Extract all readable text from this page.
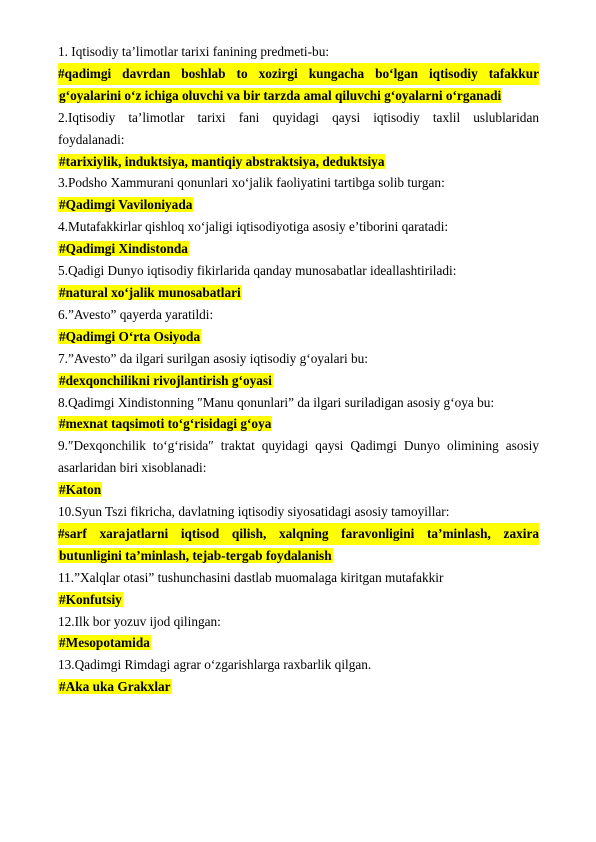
1. Iqtisodiy ta’limotlar tarixi fanining predmeti-bu:
#qadimgi davrdan boshlab to xozirgi kungacha bo‘lgan iqtisodiy tafakkur
g‘oyalarini o‘z ichiga oluvchi va bir tarzda amal qiluvchi g‘oyalarni o‘rganadi
2.Iqtisodiy ta’limotlar tarixi fani quyidagi qaysi iqtisodiy taxlil uslublaridan
foydalanadi:
#tarixiylik, induktsiya, mantiqiy abstraktsiya, deduktsiya
3.Podsho Xammurani qonunlari xo‘jalik faoliyatini tartibga solib turgan:
#Qadimgi Vaviloniyada
4.Mutafakkirlar qishloq xo‘jaligi iqtisodiyotiga asosiy e’tiborini qaratadi:
#Qadimgi Xindistonda
5.Qadigi Dunyo iqtisodiy fikirlarida qanday munosabatlar ideallashtiriladi:
#natural xo‘jalik munosabatlari
6.”Avesto” qayerda yaratildi:
#Qadimgi O‘rta Osiyoda
7.”Avesto” da ilgari surilgan asosiy iqtisodiy g‘oyalari bu:
#dexqonchilikni rivojlantirish g‘oyasi
8.Qadimgi Xindistonning ″Manu qonunlari” da ilgari suriladigan asosiy g‘oya bu:
#mexnat taqsimoti to‘g‘risidagi g‘oya
9.″Dexqonchilik to‘g‘risida″ traktat quyidagi qaysi Qadimgi Dunyo olimining asosiy
asarlaridan biri xisoblanadi:
#Katon
10.Syun Tszi fikricha, davlatning iqtisodiy siyosatidagi asosiy tamoyillar:
#sarf xarajatlarni iqtisod qilish, xalqning faravonligini ta’minlash, zaxira
butunligini ta’minlash, tejab-tergab foydalanish
11.”Xalqlar otasi” tushunchasini dastlab muomalaga kiritgan mutafakkir
#Konfutsiy
12.Ilk bor yozuv ijod qilingan:
#Mesopotamida
13.Qadimgi Rimdagi agrar o‘zgarishlarga raxbarlik qilgan.
#Aka uka Grakxlar
